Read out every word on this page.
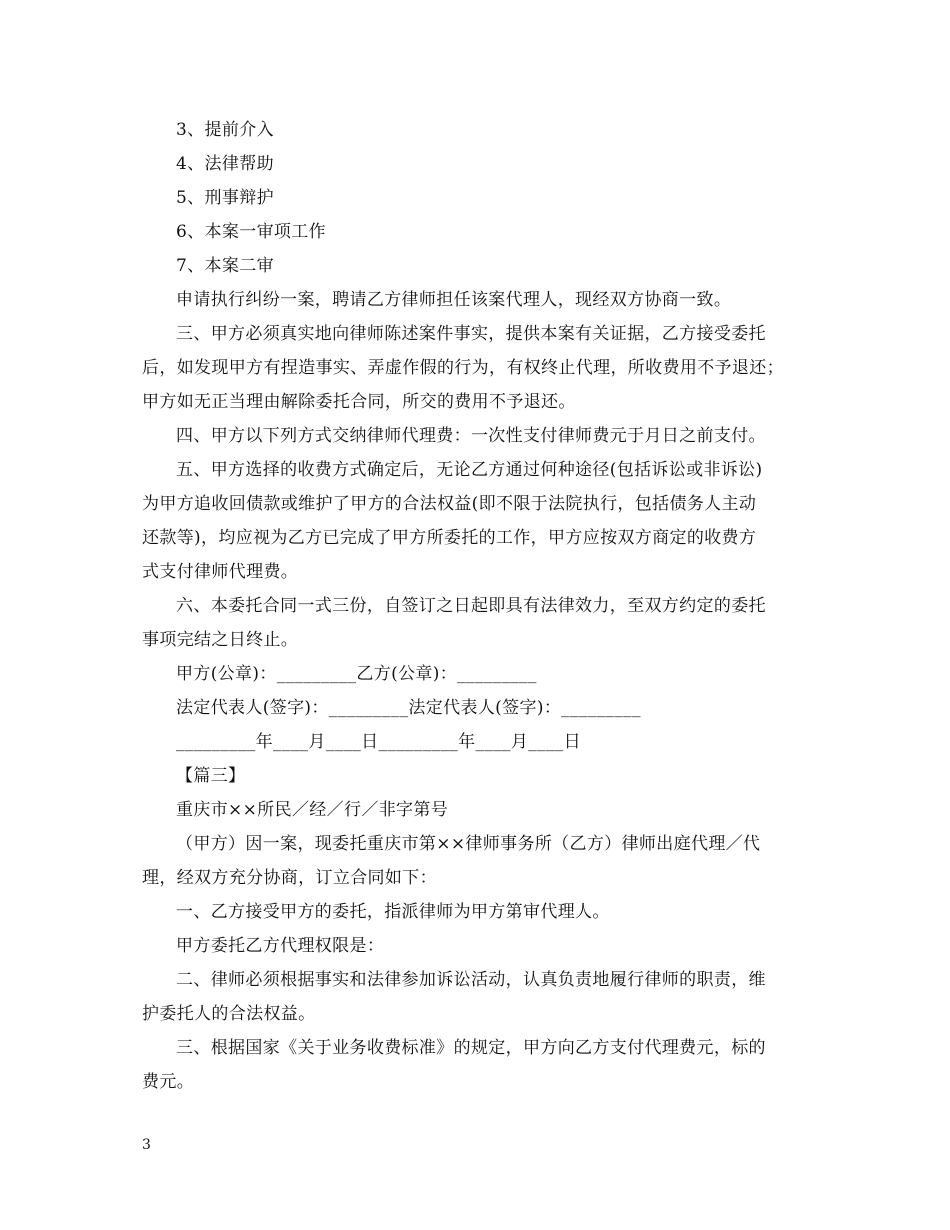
3、提前介入
4、法律帮助
5、刑事辩护
6、本案一审项工作
7、本案二审
申请执行纠纷一案，聘请乙方律师担任该案代理人，现经双方协商一致。
三、甲方必须真实地向律师陈述案件事实，提供本案有关证据，乙方接受委托
后，如发现甲方有捏造事实、弄虚作假的行为，有权终止代理，所收费用不予退还；
甲方如无正当理由解除委托合同，所交的费用不予退还。
四、甲方以下列方式交纳律师代理费：一次性支付律师费元于月日之前支付。
五、甲方选择的收费方式确定后，无论乙方通过何种途径(包括诉讼或非诉讼)
为甲方追收回债款或维护了甲方的合法权益(即不限于法院执行，包括债务人主动
还款等)，均应视为乙方已完成了甲方所委托的工作，甲方应按双方商定的收费方
式支付律师代理费。
六、本委托合同一式三份，自签订之日起即具有法律效力，至双方约定的委托
事项完结之日终止。
甲方(公章)：_________乙方(公章)：_________
法定代表人(签字)：_________法定代表人(签字)：_________
_________年____月____日_________年____月____日
【篇三】
重庆市××所民／经／行／非字第号
（甲方）因一案，现委托重庆市第××律师事务所（乙方）律师出庭代理／代
理，经双方充分协商，订立合同如下：
一、乙方接受甲方的委托，指派律师为甲方第审代理人。
甲方委托乙方代理权限是：
二、律师必须根据事实和法律参加诉讼活动，认真负责地履行律师的职责，维
护委托人的合法权益。
三、根据国家《关于业务收费标准》的规定，甲方向乙方支付代理费元，标的
费元。
3
